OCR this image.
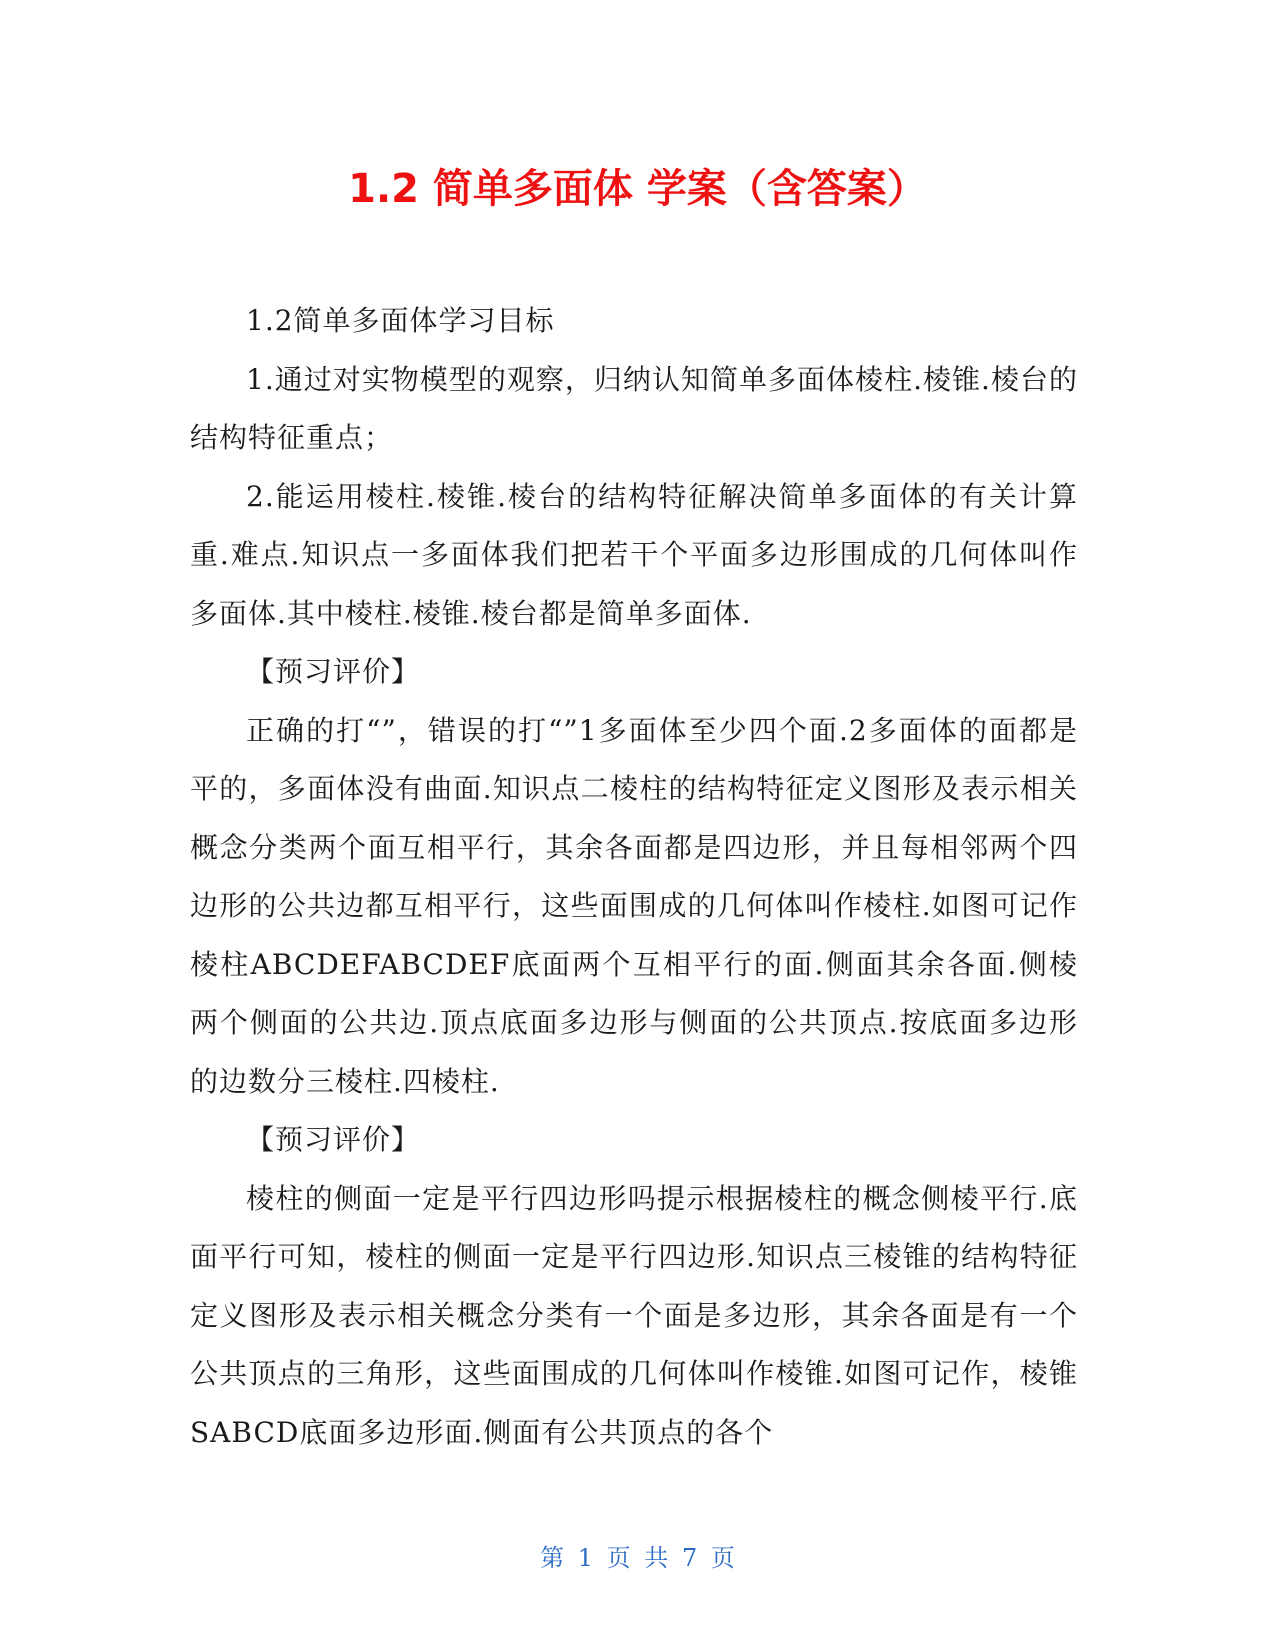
1.2 简单多面体 学案（含答案）

1.2简单多面体学习目标

1.通过对实物模型的观察，归纳认知简单多面体棱柱.棱锥.棱台的结构特征重点；

2.能运用棱柱.棱锥.棱台的结构特征解决简单多面体的有关计算重.难点.知识点一多面体我们把若干个平面多边形围成的几何体叫作多面体.其中棱柱.棱锥.棱台都是简单多面体.

【预习评价】

正确的打“”，错误的打“”1多面体至少四个面.2多面体的面都是平的，多面体没有曲面.知识点二棱柱的结构特征定义图形及表示相关概念分类两个面互相平行，其余各面都是四边形，并且每相邻两个四边形的公共边都互相平行，这些面围成的几何体叫作棱柱.如图可记作棱柱ABCDEFABCDEF底面两个互相平行的面.侧面其余各面.侧棱两个侧面的公共边.顶点底面多边形与侧面的公共顶点.按底面多边形的边数分三棱柱.四棱柱.

【预习评价】

棱柱的侧面一定是平行四边形吗提示根据棱柱的概念侧棱平行.底面平行可知，棱柱的侧面一定是平行四边形.知识点三棱锥的结构特征定义图形及表示相关概念分类有一个面是多边形，其余各面是有一个公共顶点的三角形，这些面围成的几何体叫作棱锥.如图可记作，棱锥SABCD底面多边形面.侧面有公共顶点的各个

第 1 页 共 7 页
